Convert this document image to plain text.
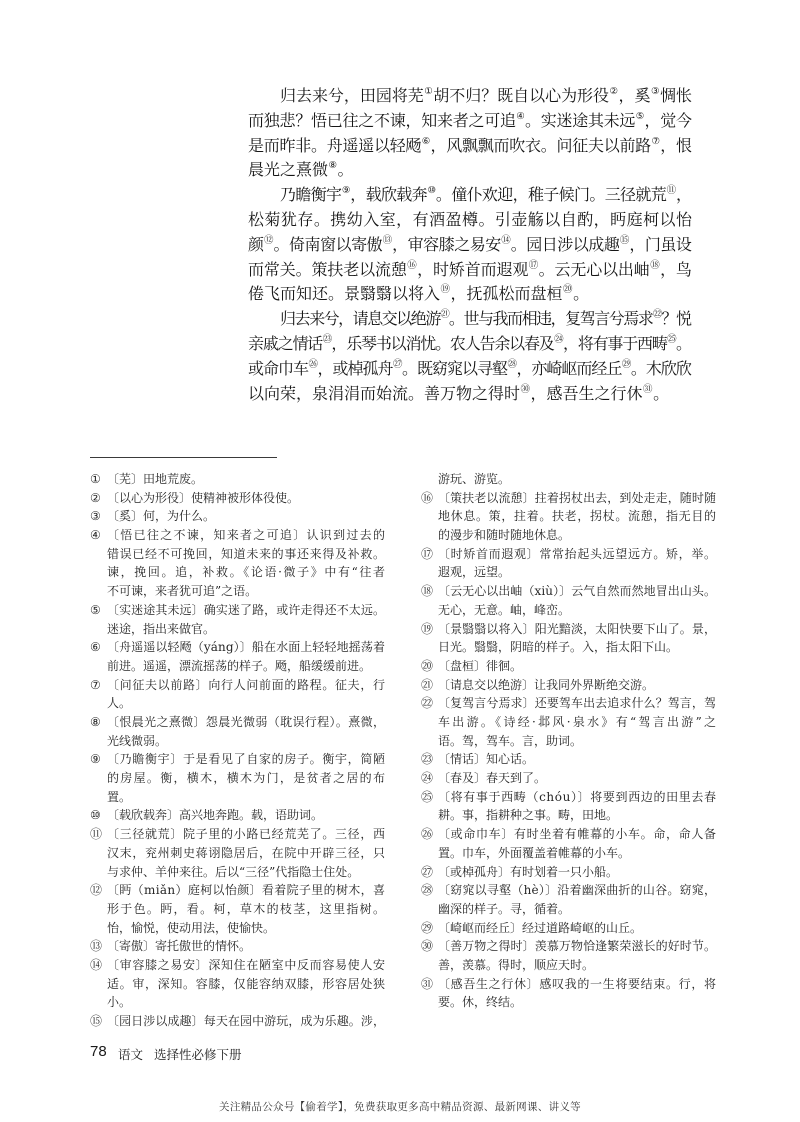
归去来兮，田园将芜①胡不归？既自以心为形役②，奚③惆怅
而独悲？悟已往之不谏，知来者之可追④。实迷途其未远⑤，觉今
是而昨非。舟遥遥以轻飏⑥，风飘飘而吹衣。问征夫以前路⑦，恨
晨光之熹微⑧。
乃瞻衡宇⑨，载欣载奔⑩。僮仆欢迎，稚子候门。三径就荒⑪，
松菊犹存。携幼入室，有酒盈樽。引壶觞以自酌，眄庭柯以怡
颜⑫。倚南窗以寄傲⑬，审容膝之易安⑭。园日涉以成趣⑮，门虽设
而常关。策扶老以流憩⑯，时矫首而遐观⑰。云无心以出岫⑱，鸟
倦飞而知还。景翳翳以将入⑲，抚孤松而盘桓⑳。
归去来兮，请息交以绝游$^㉑$。世与我而相违，复驾言兮焉求$^㉒$？悦
亲戚之情话$^㉓$，乐琴书以消忧。农人告余以春及$^㉔$，将有事于西畴$^㉕$。
或命巾车$^㉖$，或棹孤舟$^㉗$。既窈窕以寻壑$^㉘$，亦崎岖而经丘$^㉙$。木欣欣
以向荣，泉涓涓而始流。善万物之得时$^㉚$，感吾生之行休$^㉛$。
① 〔芜〕田地荒废。
② 〔以心为形役〕使精神被形体役使。
③ 〔奚〕何，为什么。
④ 〔悟已往之不谏，知来者之可追〕认识到过去的
错误已经不可挽回，知道未来的事还来得及补救。
谏，挽回。追，补救。《论语·微子》中有“往者
不可谏，来者犹可追”之语。
⑤ 〔实迷途其未远〕确实迷了路，或许走得还不太远。
迷途，指出来做官。
⑥ 〔舟遥遥以轻飏（yáng）〕船在水面上轻轻地摇荡着
前进。遥遥，漂流摇荡的样子。飏，船缓缓前进。
⑦ 〔问征夫以前路〕向行人问前面的路程。征夫，行
人。
⑧ 〔恨晨光之熹微〕怨晨光微弱（耽误行程）。熹微，
光线微弱。
⑨ 〔乃瞻衡宇〕于是看见了自家的房子。衡宇，简陋
的房屋。衡，横木，横木为门，是贫者之居的布
置。
⑩ 〔载欣载奔〕高兴地奔跑。载，语助词。
⑪ 〔三径就荒〕院子里的小路已经荒芜了。三径，西
汉末，兖州刺史蒋诩隐居后，在院中开辟三径，只
与求仲、羊仲来往。后以“三径”代指隐士住处。
⑫ 〔眄（miǎn）庭柯以怡颜〕看着院子里的树木，喜
形于色。眄，看。柯，草木的枝茎，这里指树。
怡，愉悦，使动用法，使愉快。
⑬ 〔寄傲〕寄托傲世的情怀。
⑭ 〔审容膝之易安〕深知住在陋室中反而容易使人安
适。审，深知。容膝，仅能容纳双膝，形容居处狭
小。
⑮ 〔园日涉以成趣〕每天在园中游玩，成为乐趣。涉，
游玩、游览。
⑯ 〔策扶老以流憩〕拄着拐杖出去，到处走走，随时随
地休息。策，拄着。扶老，拐杖。流憩，指无目的
的漫步和随时随地休息。
⑰ 〔时矫首而遐观〕常常抬起头远望远方。矫，举。
遐观，远望。
⑱ 〔云无心以出岫（xiù）〕云气自然而然地冒出山头。
无心，无意。岫，峰峦。
⑲ 〔景翳翳以将入〕阳光黯淡，太阳快要下山了。景，
日光。翳翳，阴暗的样子。入，指太阳下山。
⑳ 〔盘桓〕徘徊。
㉑ 〔请息交以绝游〕让我同外界断绝交游。
㉒ 〔复驾言兮焉求〕还要驾车出去追求什么？驾言，驾
车出游。《诗经·邶风·泉水》有“驾言出游”之
语。驾，驾车。言，助词。
㉓ 〔情话〕知心话。
㉔ 〔春及〕春天到了。
㉕ 〔将有事于西畴（chóu）〕将要到西边的田里去春
耕。事，指耕种之事。畴，田地。
㉖ 〔或命巾车〕有时坐着有帷幕的小车。命，命人备
置。巾车，外面覆盖着帷幕的小车。
㉗ 〔或棹孤舟〕有时划着一只小船。
㉘ 〔窈窕以寻壑（hè）〕沿着幽深曲折的山谷。窈窕，
幽深的样子。寻，循着。
㉙ 〔崎岖而经丘〕经过道路崎岖的山丘。
㉚ 〔善万物之得时〕羡慕万物恰逢繁荣滋长的好时节。
善，羡慕。得时，顺应天时。
㉛ 〔感吾生之行休〕感叹我的一生将要结束。行，将
要。休，终结。
78 语文 选择性必修下册
关注精品公众号【偷着学】，免费获取更多高中精品资源、最新网课、讲义等
